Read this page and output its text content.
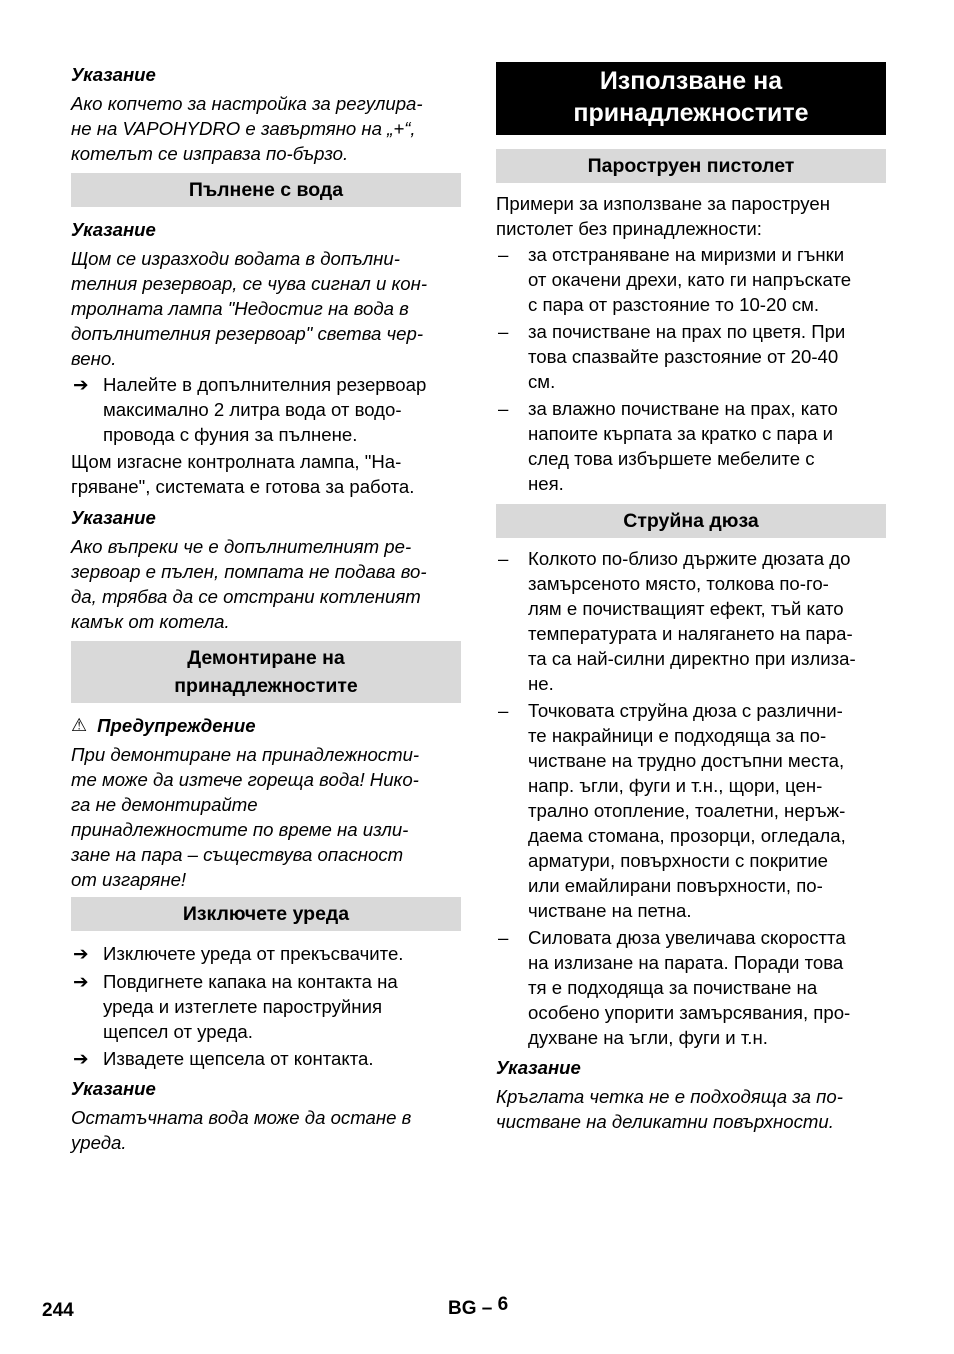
Указание

Ако копчето за настройка за регулира-

не на VAPOHYDRO е завъртяно на „+“,

котелът се изправза по-бързо.

Пълнене с вода

Указание

Щом се изразходи водата в допълни-

телния резервоар, се чува сигнал и кон-

тролната лампа "Недостиг на вода в

допълнителния резервоар" светва чер-

вено.

➔ Налейте в допълнителния резервоар

максимално 2 литра вода от водо-

провода с фуния за пълнене.

Щом изгасне контролната лампа, "На-

гряване", системата е готова за работа.

Указание

Ако въпреки че е допълнителният ре-

зервоар е пълен, помпата не подава во-

да, трябва да се отстрани котленият

камък от котела.

Демонтиране на
принадлежностите

⚠ Предупреждение

При демонтиране на принадлежности-

те може да изтече гореща вода! Нико-

га не демонтирайте

принадлежностите по време на изли-

зане на пара – съществува опасност

от изгаряне!

Изключете уреда
➔ Изключете уреда от прекъсвачите.

➔ Повдигнете капака на контакта на

уреда и изтеглете пароструйния

щепсел от уреда.

➔ Извадете щепсела от контакта.

Указание

Остатъчната вода може да остане в

уреда.

Използване на
принадлежностите
Пароструен пистолет

Примери за използване за пароструен

пистолет без принадлежности:

– за отстраняване на миризми и гънки

от окачени дрехи, като ги напръскате

с пара от разстояние то 10-20 см.

– за почистване на прах по цветя. При

това спазвайте разстояние от 20-40

см.

– за влажно почистване на прах, като

напоите кърпата за кратко с пара и

след това избършете мебелите с

нея.

Струйна дюза
– Колкото по-близо държите дюзата до

замърсеното място, толкова по-го-

лям е почистващият ефект, тъй като

температурата и налягането на пара-

та са най-силни директно при излиза-

не.

– Точковата струйна дюза с различни-

те накрайници е подходяща за по-

чистване на трудно достъпни места,

напр. ъгли, фуги и т.н., щори, цен-

трално отопление, тоалетни, неръж-

даема стомана, прозорци, огледала,

арматури, повърхности с покритие

или емайлирани повърхности, по-

чистване на петна.

– Силовата дюза увеличава скоростта

на излизане на парата. Поради това

тя е подходяща за почистване на

особено упорити замърсявания, про-

духване на ъгли, фуги и т.н.

Указание

Кръглата четка не е подходяща за по-

чистване на деликатни повърхности.

244	BG – 6
